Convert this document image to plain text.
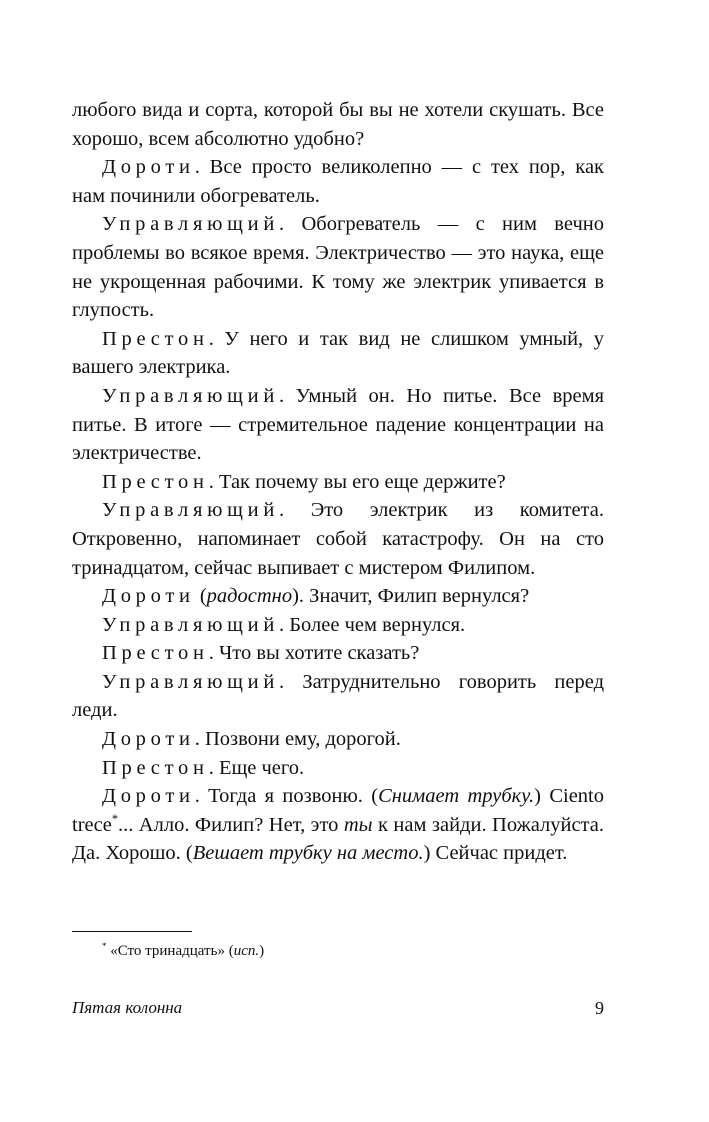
любого вида и сорта, которой бы вы не хотели скушать. Все хорошо, всем абсолютно удобно?

Дороти. Все просто великолепно — с тех пор, как нам починили обогреватель.

Управляющий. Обогреватель — с ним вечно проблемы во всякое время. Электричество — это наука, еще не укрощенная рабочими. К тому же электрик упивается в глупость.

Престон. У него и так вид не слишком умный, у вашего электрика.

Управляющий. Умный он. Но питье. Все время питье. В итоге — стремительное падение концентрации на электричестве.

Престон. Так почему вы его еще держите?

Управляющий. Это электрик из комитета. Откровенно, напоминает собой катастрофу. Он на сто тринадцатом, сейчас выпивает с мистером Филипом.

Дороти (радостно). Значит, Филип вернулся?

Управляющий. Более чем вернулся.

Престон. Что вы хотите сказать?

Управляющий. Затруднительно говорить перед леди.

Дороти. Позвони ему, дорогой.

Престон. Еще чего.

Дороти. Тогда я позвоню. (Снимает трубку.) Ciento trece*... Алло. Филип? Нет, это ты к нам зайди. Пожалуйста. Да. Хорошо. (Вешает трубку на место.) Сейчас придет.

* «Сто тринадцать» (исп.)
Пятая колонна	9
